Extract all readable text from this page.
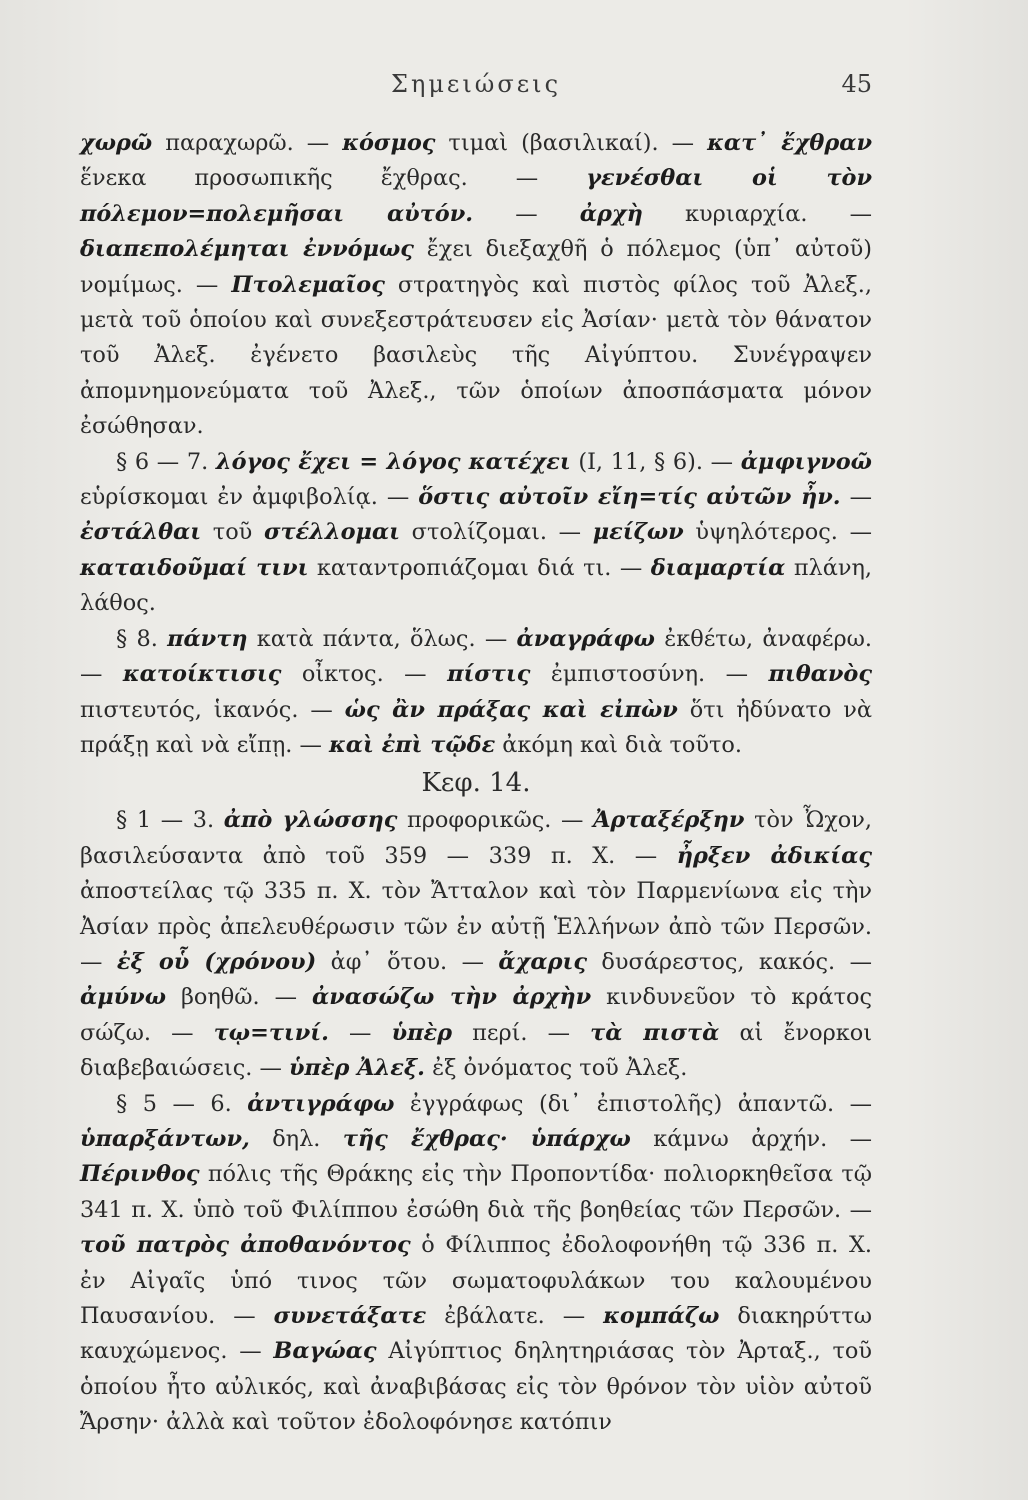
Σημειώσεις	45

χωρῶ παραχωρῶ. — κόσμος τιμαὶ (βασιλικαί). — κατ᾽ ἔχθραν ἕνεκα προσωπικῆς ἔχθρας. — γενέσθαι οἱ τὸν πόλεμον=πολεμῆσαι αὐτόν. — ἀρχὴ κυριαρχία. — διαπεπολέμηται ἐννόμως ἔχει διεξαχθῆ ὁ πόλεμος (ὑπ᾽ αὐτοῦ) νομίμως. — Πτολεμαῖος στρατηγὸς καὶ πιστὸς φίλος τοῦ Ἀλεξ., μετὰ τοῦ ὁποίου καὶ συνεξεστράτευσεν εἰς Ἀσίαν· μετὰ τὸν θάνατον τοῦ Ἀλεξ. ἐγένετο βασιλεὺς τῆς Αἰγύπτου. Συνέγραψεν ἀπομνημονεύματα τοῦ Ἀλεξ., τῶν ὁποίων ἀποσπάσματα μόνον ἐσώθησαν.

§ 6 — 7. λόγος ἔχει = λόγος κατέχει (I, 11, § 6). — ἀμφιγνοῶ εὑρίσκομαι ἐν ἀμφιβολίᾳ. — ὅστις αὐτοῖν εἴη=τίς αὐτῶν ἦν. — ἐστάλθαι τοῦ στέλλομαι στολίζομαι. — μείζων ὑψηλότερος. — καταιδοῦμαί τινι καταντροπιάζομαι διά τι. — διαμαρτία πλάνη, λάθος.

§ 8. πάντη κατὰ πάντα, ὅλως. — ἀναγράφω ἐκθέτω, ἀναφέρω. — κατοίκτισις οἶκτος. — πίστις ἐμπιστοσύνη. — πιθανὸς πιστευτός, ἱκανός. — ὡς ἂν πράξας καὶ εἰπὼν ὅτι ἠδύνατο νὰ πράξῃ καὶ νὰ εἴπῃ. — καὶ ἐπὶ τῷδε ἀκόμη καὶ διὰ τοῦτο.

Κεφ. 14.

§ 1 — 3. ἀπὸ γλώσσης προφορικῶς. — Ἀρταξέρξην τὸν Ὦχον, βασιλεύσαντα ἀπὸ τοῦ 359 — 339 π. Χ. — ἦρξεν ἀδικίας ἀποστείλας τῷ 335 π. Χ. τὸν Ἄτταλον καὶ τὸν Παρμενίωνα εἰς τὴν Ἀσίαν πρὸς ἀπελευθέρωσιν τῶν ἐν αὐτῇ Ἑλλήνων ἀπὸ τῶν Περσῶν. — ἐξ οὗ (χρόνου) ἀφ᾽ ὅτου. — ἄχαρις δυσάρεστος, κακός. — ἀμύνω βοηθῶ. — ἀνασώζω τὴν ἀρχὴν κινδυνεῦον τὸ κράτος σώζω. — τῳ=τινί. — ὑπὲρ περί. — τὰ πιστὰ αἱ ἔνορκοι διαβεβαιώσεις. — ὑπὲρ Ἀλεξ. ἐξ ὀνόματος τοῦ Ἀλεξ.

§ 5 — 6. ἀντιγράφω ἐγγράφως (δι᾽ ἐπιστολῆς) ἀπαντῶ. — ὑπαρξάντων, δηλ. τῆς ἔχθρας· ὑπάρχω κάμνω ἀρχήν. — Πέρινθος πόλις τῆς Θράκης εἰς τὴν Προποντίδα· πολιορκηθεῖσα τῷ 341 π. Χ. ὑπὸ τοῦ Φιλίππου ἐσώθη διὰ τῆς βοηθείας τῶν Περσῶν. — τοῦ πατρὸς ἀποθανόντος ὁ Φίλιππος ἐδολοφονήθη τῷ 336 π. Χ. ἐν Αἰγαῖς ὑπό τινος τῶν σωματοφυλάκων του καλουμένου Παυσανίου. — συνετάξατε ἐβάλατε. — κομπάζω διακηρύττω καυχώμενος. — Βαγώας Αἰγύπτιος δηλητηριάσας τὸν Ἀρταξ., τοῦ ὁποίου ἦτο αὐλικός, καὶ ἀναβιβάσας εἰς τὸν θρόνον τὸν υἱὸν αὐτοῦ Ἄρσην· ἀλλὰ καὶ τοῦτον ἐδολοφόνησε κατόπιν
